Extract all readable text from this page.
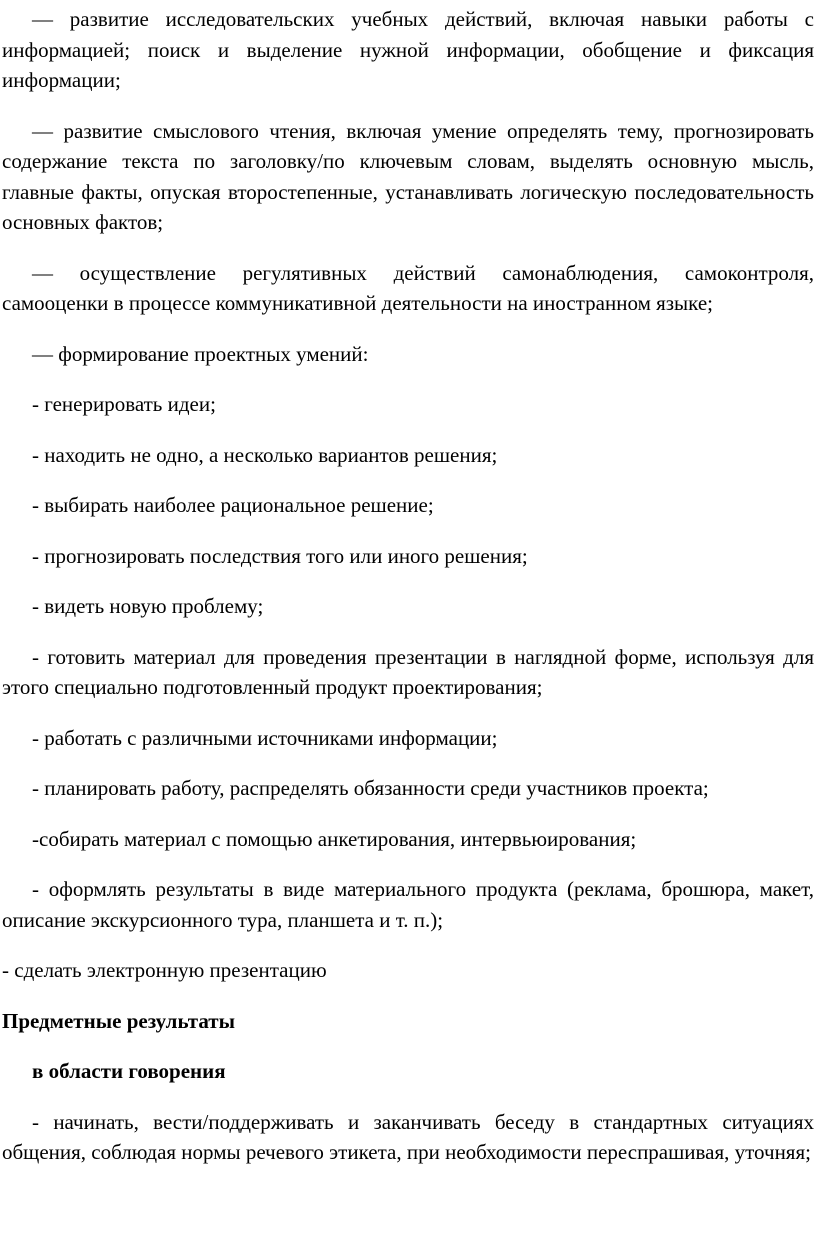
— развитие исследовательских учебных действий, включая навыки работы с информацией; поиск и выделение нужной информации, обобщение и фиксация информации;

— развитие смыслового чтения, включая умение определять тему, прогнозировать содержание текста по заголовку/по ключевым словам, выделять основную мысль, главные факты, опуская второстепенные, устанавливать логическую последовательность основных фактов;

— осуществление регулятивных действий самонаблюдения, самоконтроля, самооценки в процессе коммуникативной деятельности на иностранном языке;

— формирование проектных умений:

- генерировать идеи;

- находить не одно, а несколько вариантов решения;

- выбирать наиболее рациональное решение;

- прогнозировать последствия того или иного решения;

- видеть новую проблему;

- готовить материал для проведения презентации в наглядной форме, используя для этого специально подготовленный продукт проектирования;

- работать с различными источниками информации;

- планировать работу, распределять обязанности среди участников проекта;

-собирать материал с помощью анкетирования, интервьюирования;

- оформлять результаты в виде материального продукта (реклама, брошюра, макет, описание экскурсионного тура, планшета и т. п.);

- сделать электронную презентацию

Предметные результаты

в области говорения

- начинать, вести/поддерживать и заканчивать беседу в стандартных ситуациях общения, соблюдая нормы речевого этикета, при необходимости переспрашивая, уточняя;
